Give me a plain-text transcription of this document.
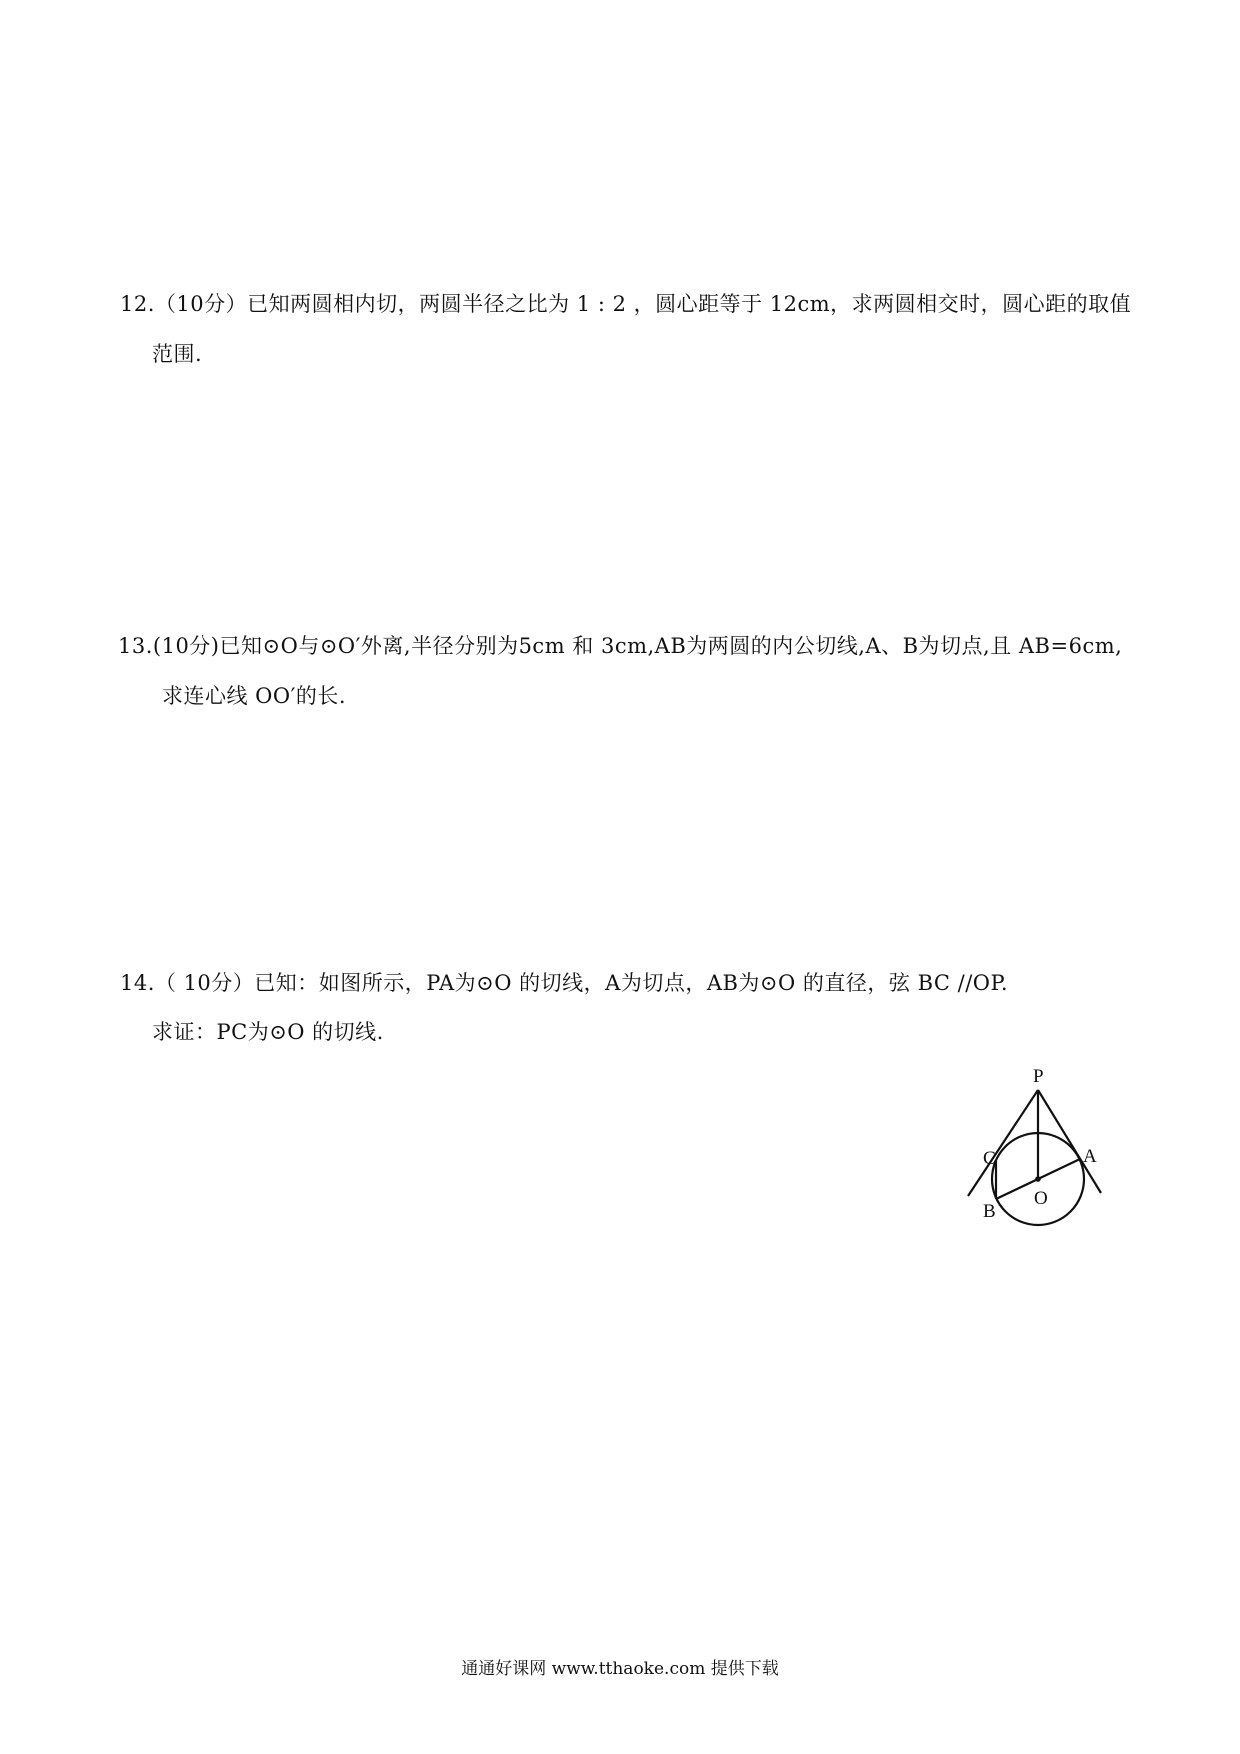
12.（10分）已知两圆相内切，两圆半径之比为 1 : 2 ，圆心距等于 12cm，求两圆相交时，圆心距的取值
范围.
13.(10分)已知⊙O与⊙O′外离,半径分别为5cm 和 3cm,AB为两圆的内公切线,A、B为切点,且 AB=6cm,
求连心线 OO′的长.
14.（ 10分）已知：如图所示，PA为⊙O 的切线，A为切点，AB为⊙O 的直径，弦 BC //OP.
求证：PC为⊙O 的切线.
P
C	A
B
O
通通好课网 www.tthaoke.com 提供下载
